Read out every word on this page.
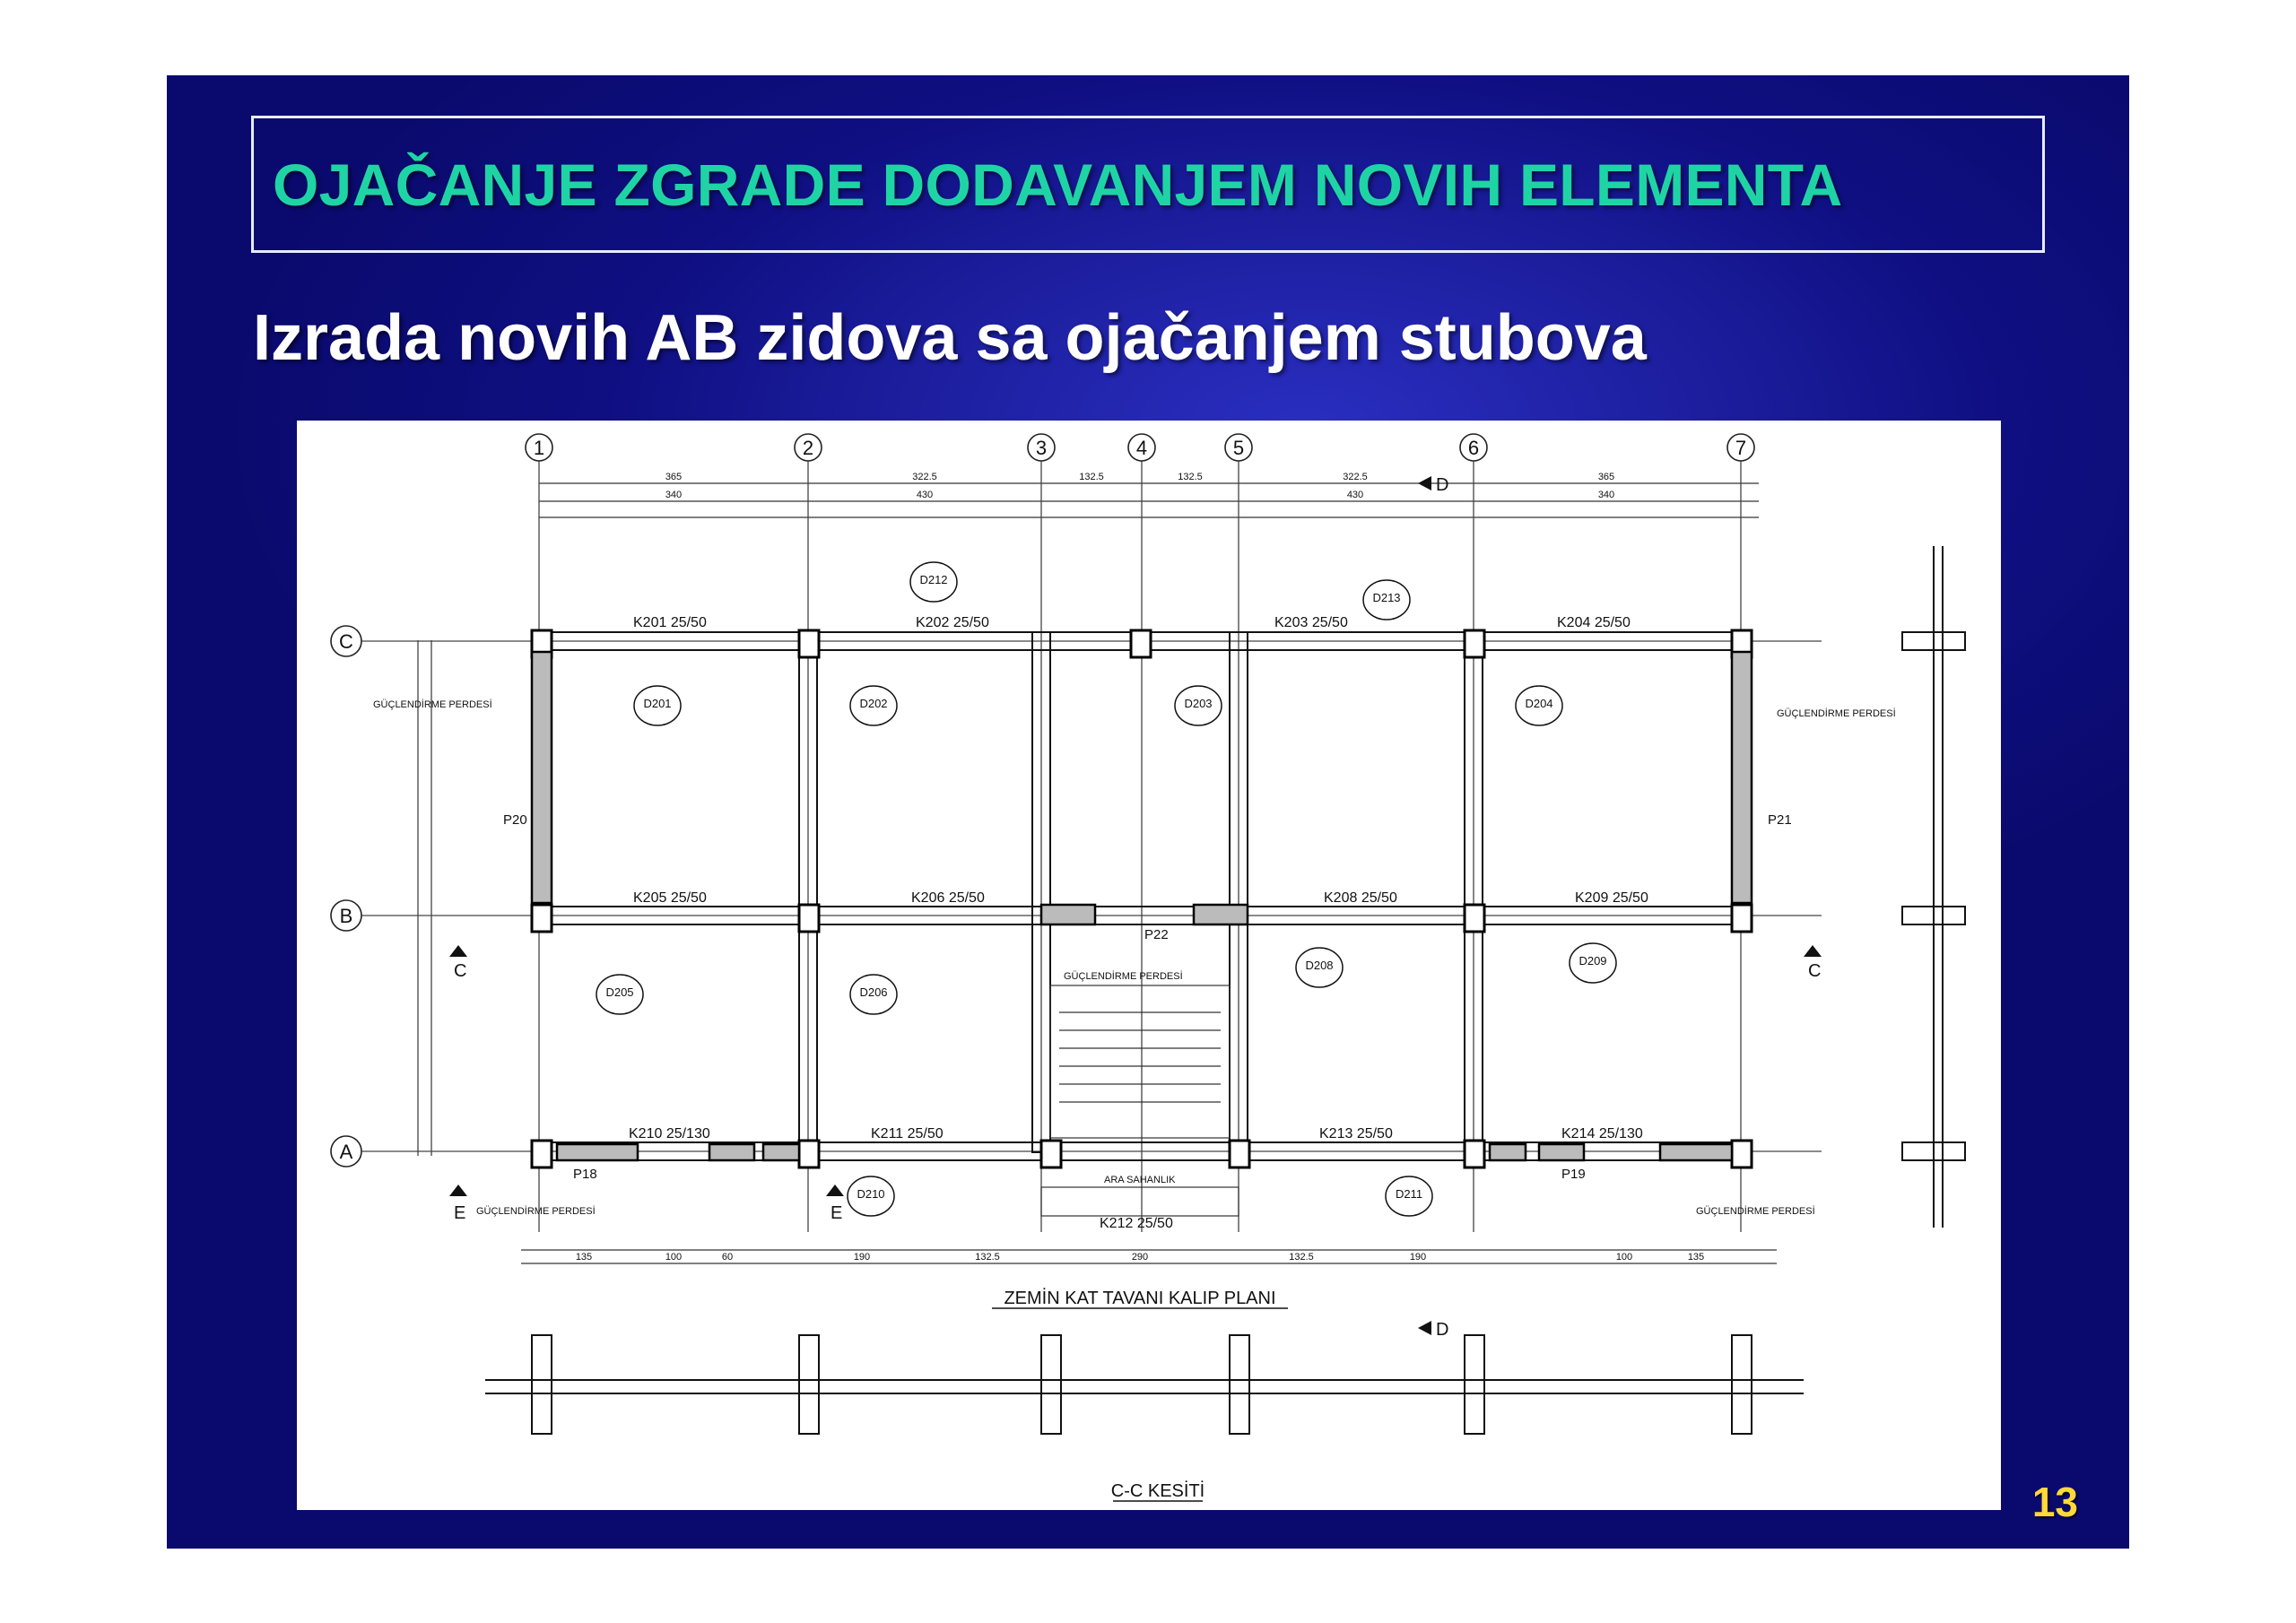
OJAČANJE ZGRADE DODAVANJEM NOVIH ELEMENTA
Izrada novih AB zidova sa ojačanjem stubova
1	2	3	4	5	6	7
C
B
A
365	322.5	132.5	132.5	322.5	365
340	430	430	340
135	100	60	190	132.5	290	132.5	190	100	135
K201 25/50	K202 25/50	K203 25/50	K204 25/50
K205 25/50	K206 25/50	K208 25/50	K209 25/50
K210 25/130	K211 25/50	K213 25/50	K214 25/130
K212 25/50
D201	D202	D203	D204
D205	D206
D208	D209
D210	D211
D212
D213
GÜÇLENDİRME PERDESİ
GÜÇLENDİRME PERDESİ
GÜÇLENDİRME PERDESİ	GÜÇLENDİRME PERDESİ
GÜÇLENDİRME PERDESİ
ARA SAHANLIK
P20	P21
P18	P19
P22
D
D
C	C
E	E
ZEMİN KAT TAVANI KALIP PLANI
C-C KESİTİ	13
